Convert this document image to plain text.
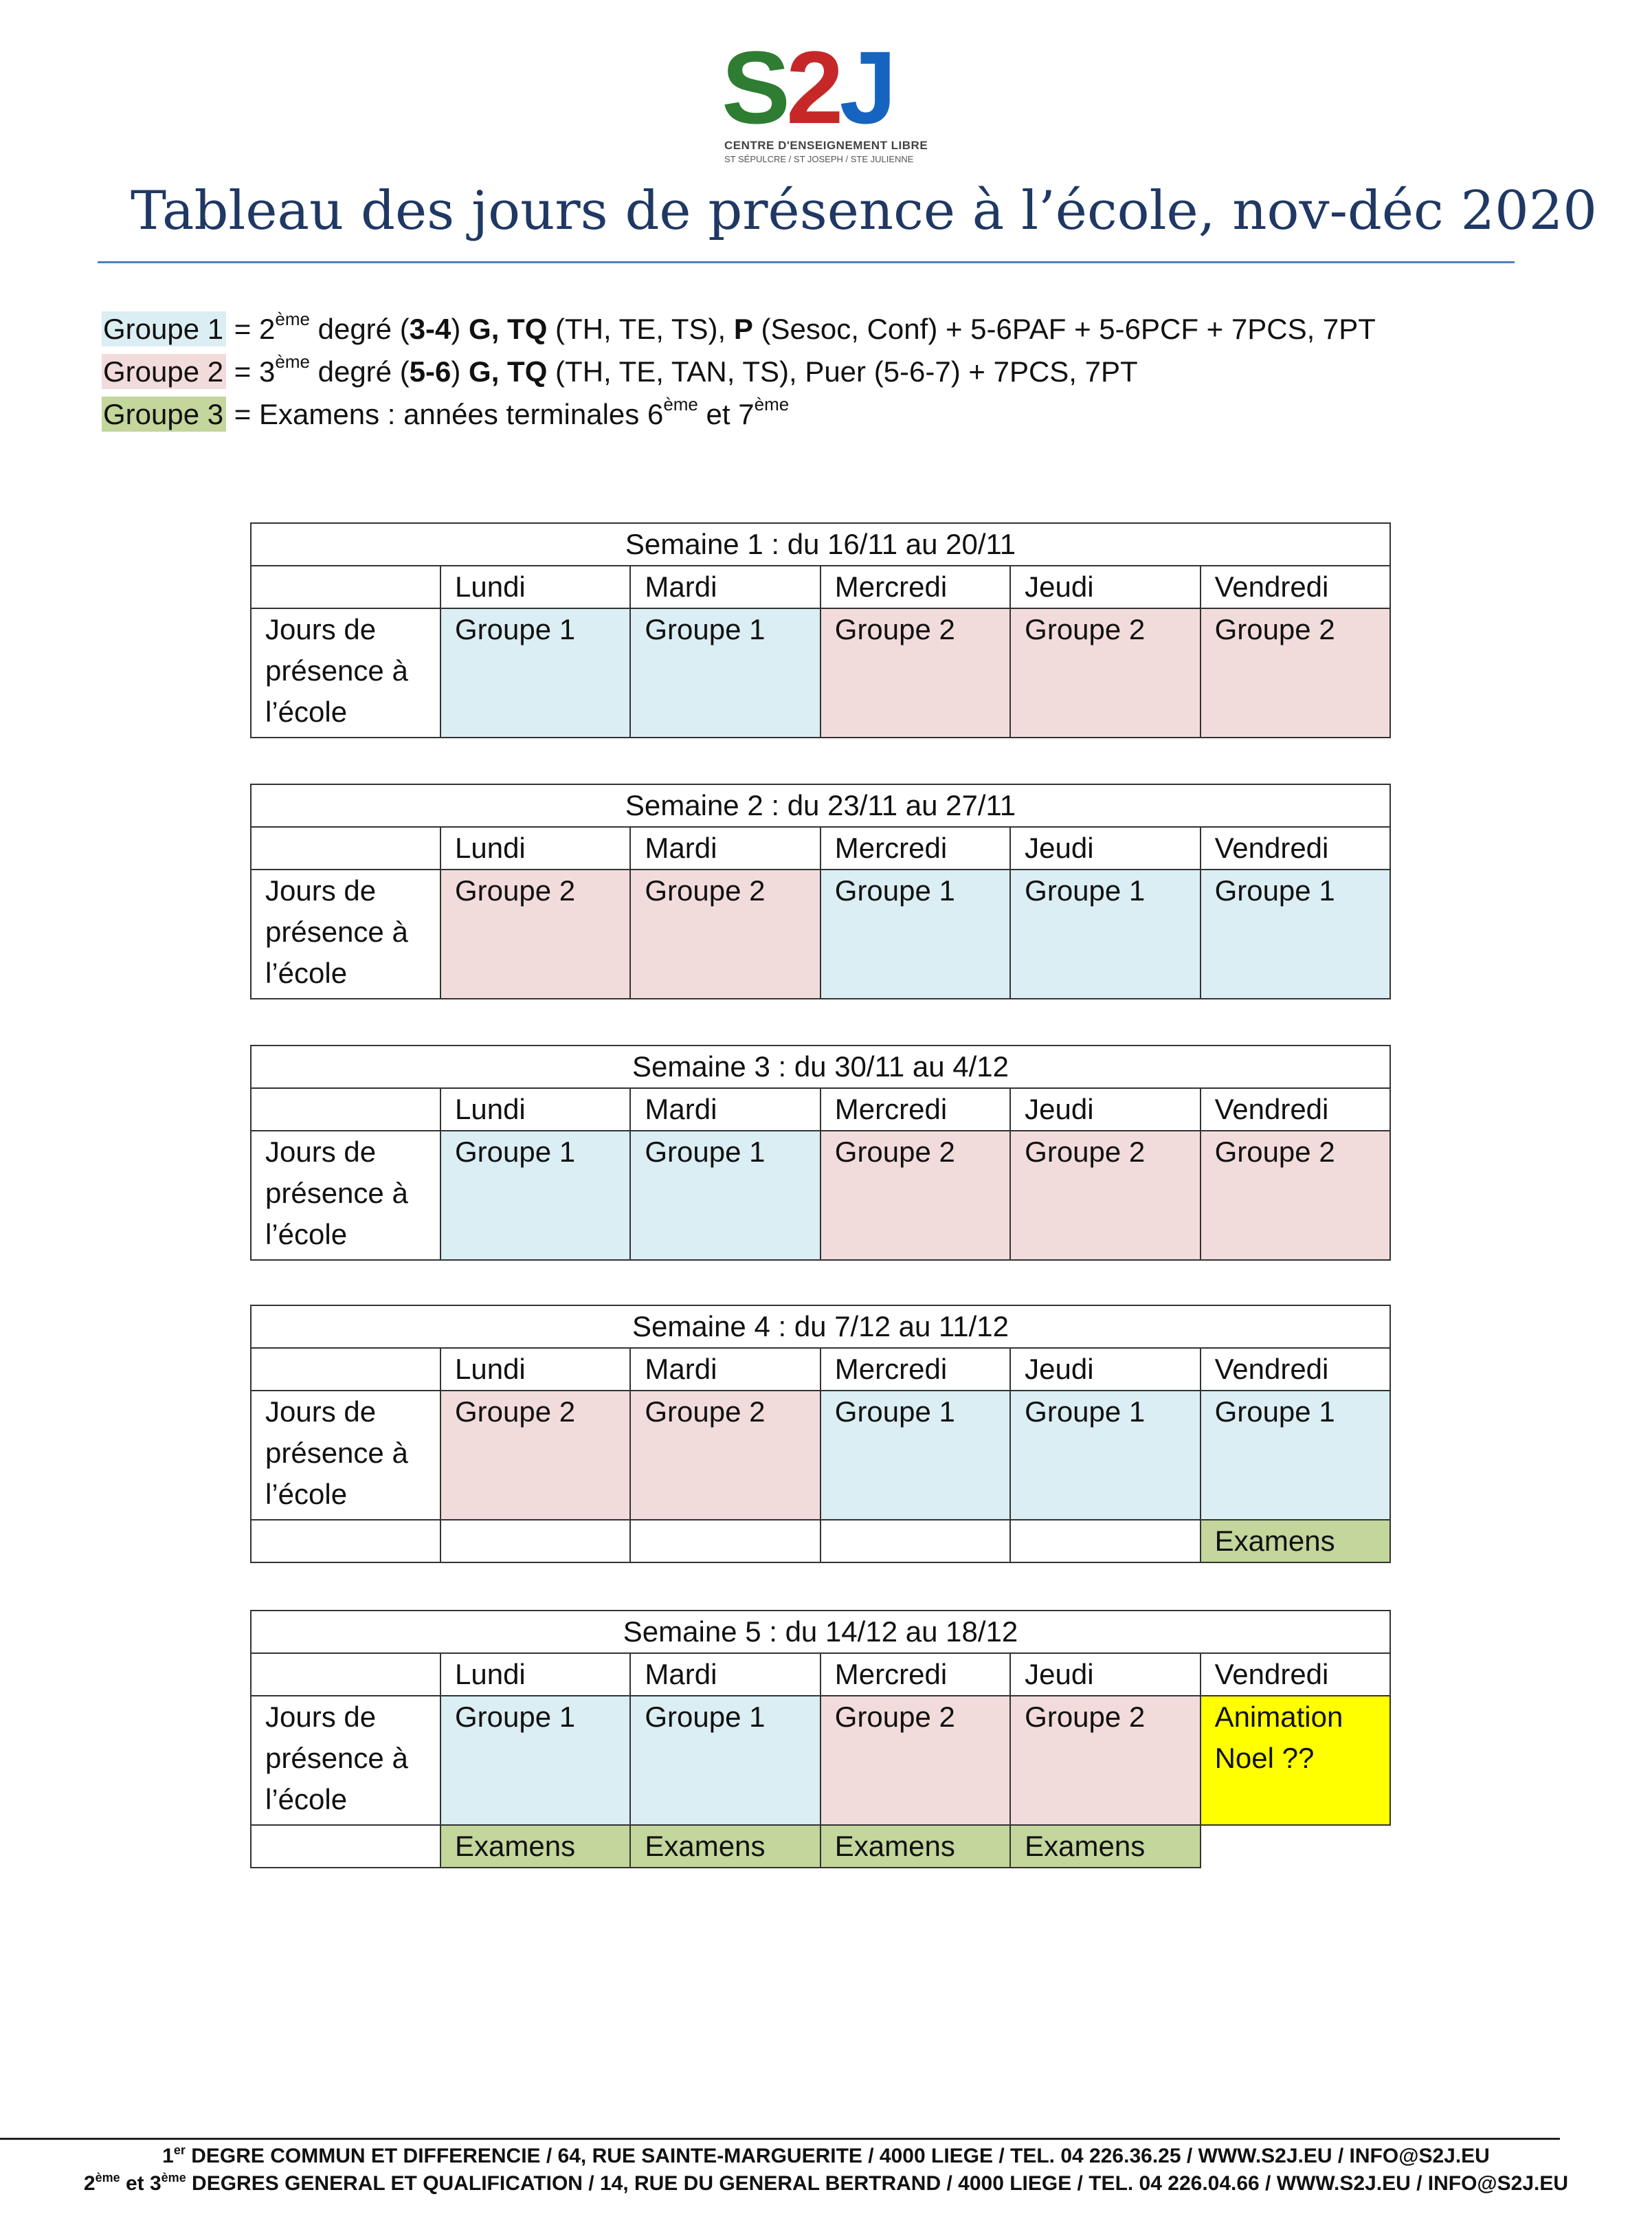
S2J
CENTRE D'ENSEIGNEMENT LIBRE
ST SÉPULCRE / ST JOSEPH / STE JULIENNE
Tableau des jours de présence à l’école, nov-déc 2020
Groupe 1 = 2ème degré (3-4) G, TQ (TH, TE, TS), P (Sesoc, Conf) + 5-6PAF + 5-6PCF + 7PCS, 7PT
Groupe 2 = 3ème degré (5-6) G, TQ (TH, TE, TAN, TS), Puer (5-6-7) + 7PCS, 7PT
Groupe 3 = Examens : années terminales 6ème et 7ème
Semaine 1 : du 16/11 au 20/11					
	Lundi	Mardi	Mercredi	Jeudi	Vendredi
Jours de présence à l’école	Groupe 1	Groupe 1	Groupe 2	Groupe 2	Groupe 2
Semaine 2 : du 23/11 au 27/11					
	Lundi	Mardi	Mercredi	Jeudi	Vendredi
Jours de présence à l’école	Groupe 2	Groupe 2	Groupe 1	Groupe 1	Groupe 1
Semaine 3 : du 30/11 au 4/12					
	Lundi	Mardi	Mercredi	Jeudi	Vendredi
Jours de présence à l’école	Groupe 1	Groupe 1	Groupe 2	Groupe 2	Groupe 2
Semaine 4 : du 7/12 au 11/12					
	Lundi	Mardi	Mercredi	Jeudi	Vendredi
Jours de présence à l’école	Groupe 2	Groupe 2	Groupe 1	Groupe 1	Groupe 1
					Examens
Semaine 5 : du 14/12 au 18/12					
	Lundi	Mardi	Mercredi	Jeudi	Vendredi
Jours de présence à l’école	Groupe 1	Groupe 1	Groupe 2	Groupe 2	Animation Noel ??
	Examens	Examens	Examens	Examens	
1er DEGRE COMMUN ET DIFFERENCIE / 64, RUE SAINTE-MARGUERITE / 4000 LIEGE / TEL. 04 226.36.25 / WWW.S2J.EU / INFO@S2J.EU
2ème et 3ème DEGRES GENERAL ET QUALIFICATION / 14, RUE DU GENERAL BERTRAND / 4000 LIEGE / TEL. 04 226.04.66 / WWW.S2J.EU / INFO@S2J.EU
